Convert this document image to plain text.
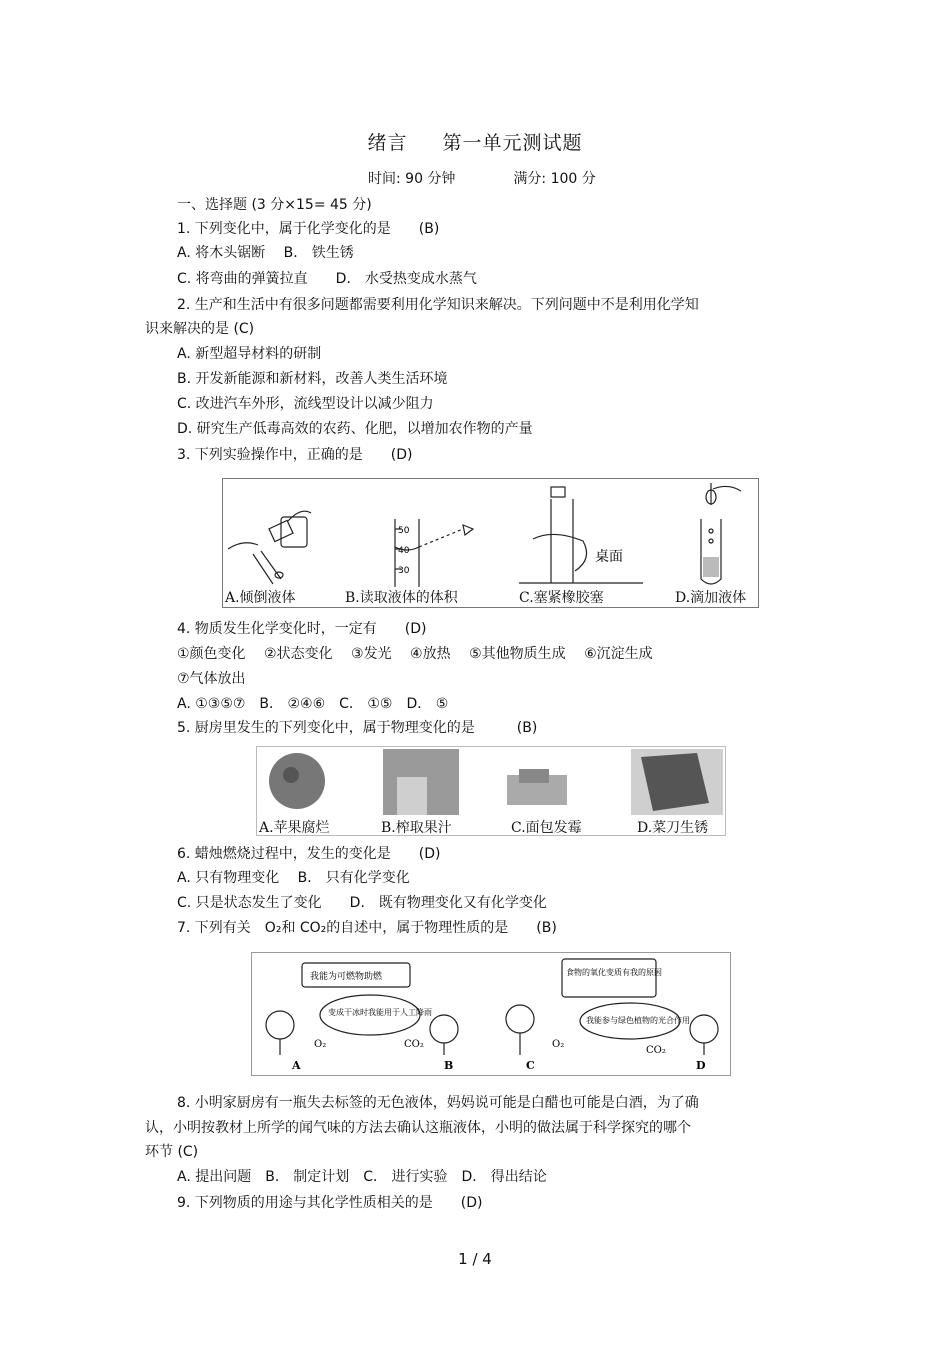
绪言 第一单元测试题
时间: 90 分钟	满分: 100 分
一、选择题 (3 分×15= 45 分)
1. 下列变化中，属于化学变化的是　　(B)
A. 将木头锯断　 B． 铁生锈
C. 将弯曲的弹簧拉直　　D． 水受热变成水蒸气
2. 生产和生活中有很多问题都需要利用化学知识来解决。下列问题中不是利用化学知
识来解决的是 (C)
A. 新型超导材料的研制
B. 开发新能源和新材料，改善人类生活环境
C. 改进汽车外形，流线型设计以减少阻力
D. 研究生产低毒高效的农药、化肥，以增加农作物的产量
3. 下列实验操作中，正确的是　　(D)
50
40
30
桌面
A.倾倒液体	B.读取液体的体积	C.塞紧橡胶塞	D.滴加液体
4. 物质发生化学变化时，一定有　　(D)
①颜色变化 ②状态变化 ③发光 ④放热 ⑤其他物质生成 ⑥沉淀生成
⑦气体放出
A. ①③⑤⑦　B． ②④⑥　C． ①⑤　D． ⑤
5. 厨房里发生的下列变化中，属于物理变化的是　　　(B)
A.苹果腐烂	B.榨取果汁	C.面包发霉	D.菜刀生锈
6. 蜡烛燃烧过程中，发生的变化是　　(D)
A. 只有物理变化　 B． 只有化学变化
C. 只是状态发生了变化　　D． 既有物理变化又有化学变化
7. 下列有关　O₂和 CO₂的自述中，属于物理性质的是　　(B)
我能为可燃物助燃
变成干冰时我能用于人工降雨
食物的氧化变质有我的原因
我能参与绿色植物的光合作用
O₂	CO₂	O₂
CO₂
A	B	C	D
8. 小明家厨房有一瓶失去标签的无色液体，妈妈说可能是白醋也可能是白酒，为了确
认，小明按教材上所学的闻气味的方法去确认这瓶液体，小明的做法属于科学探究的哪个
环节 (C)
A. 提出问题　B． 制定计划　C． 进行实验　D． 得出结论
9. 下列物质的用途与其化学性质相关的是　　(D)
1 / 4
